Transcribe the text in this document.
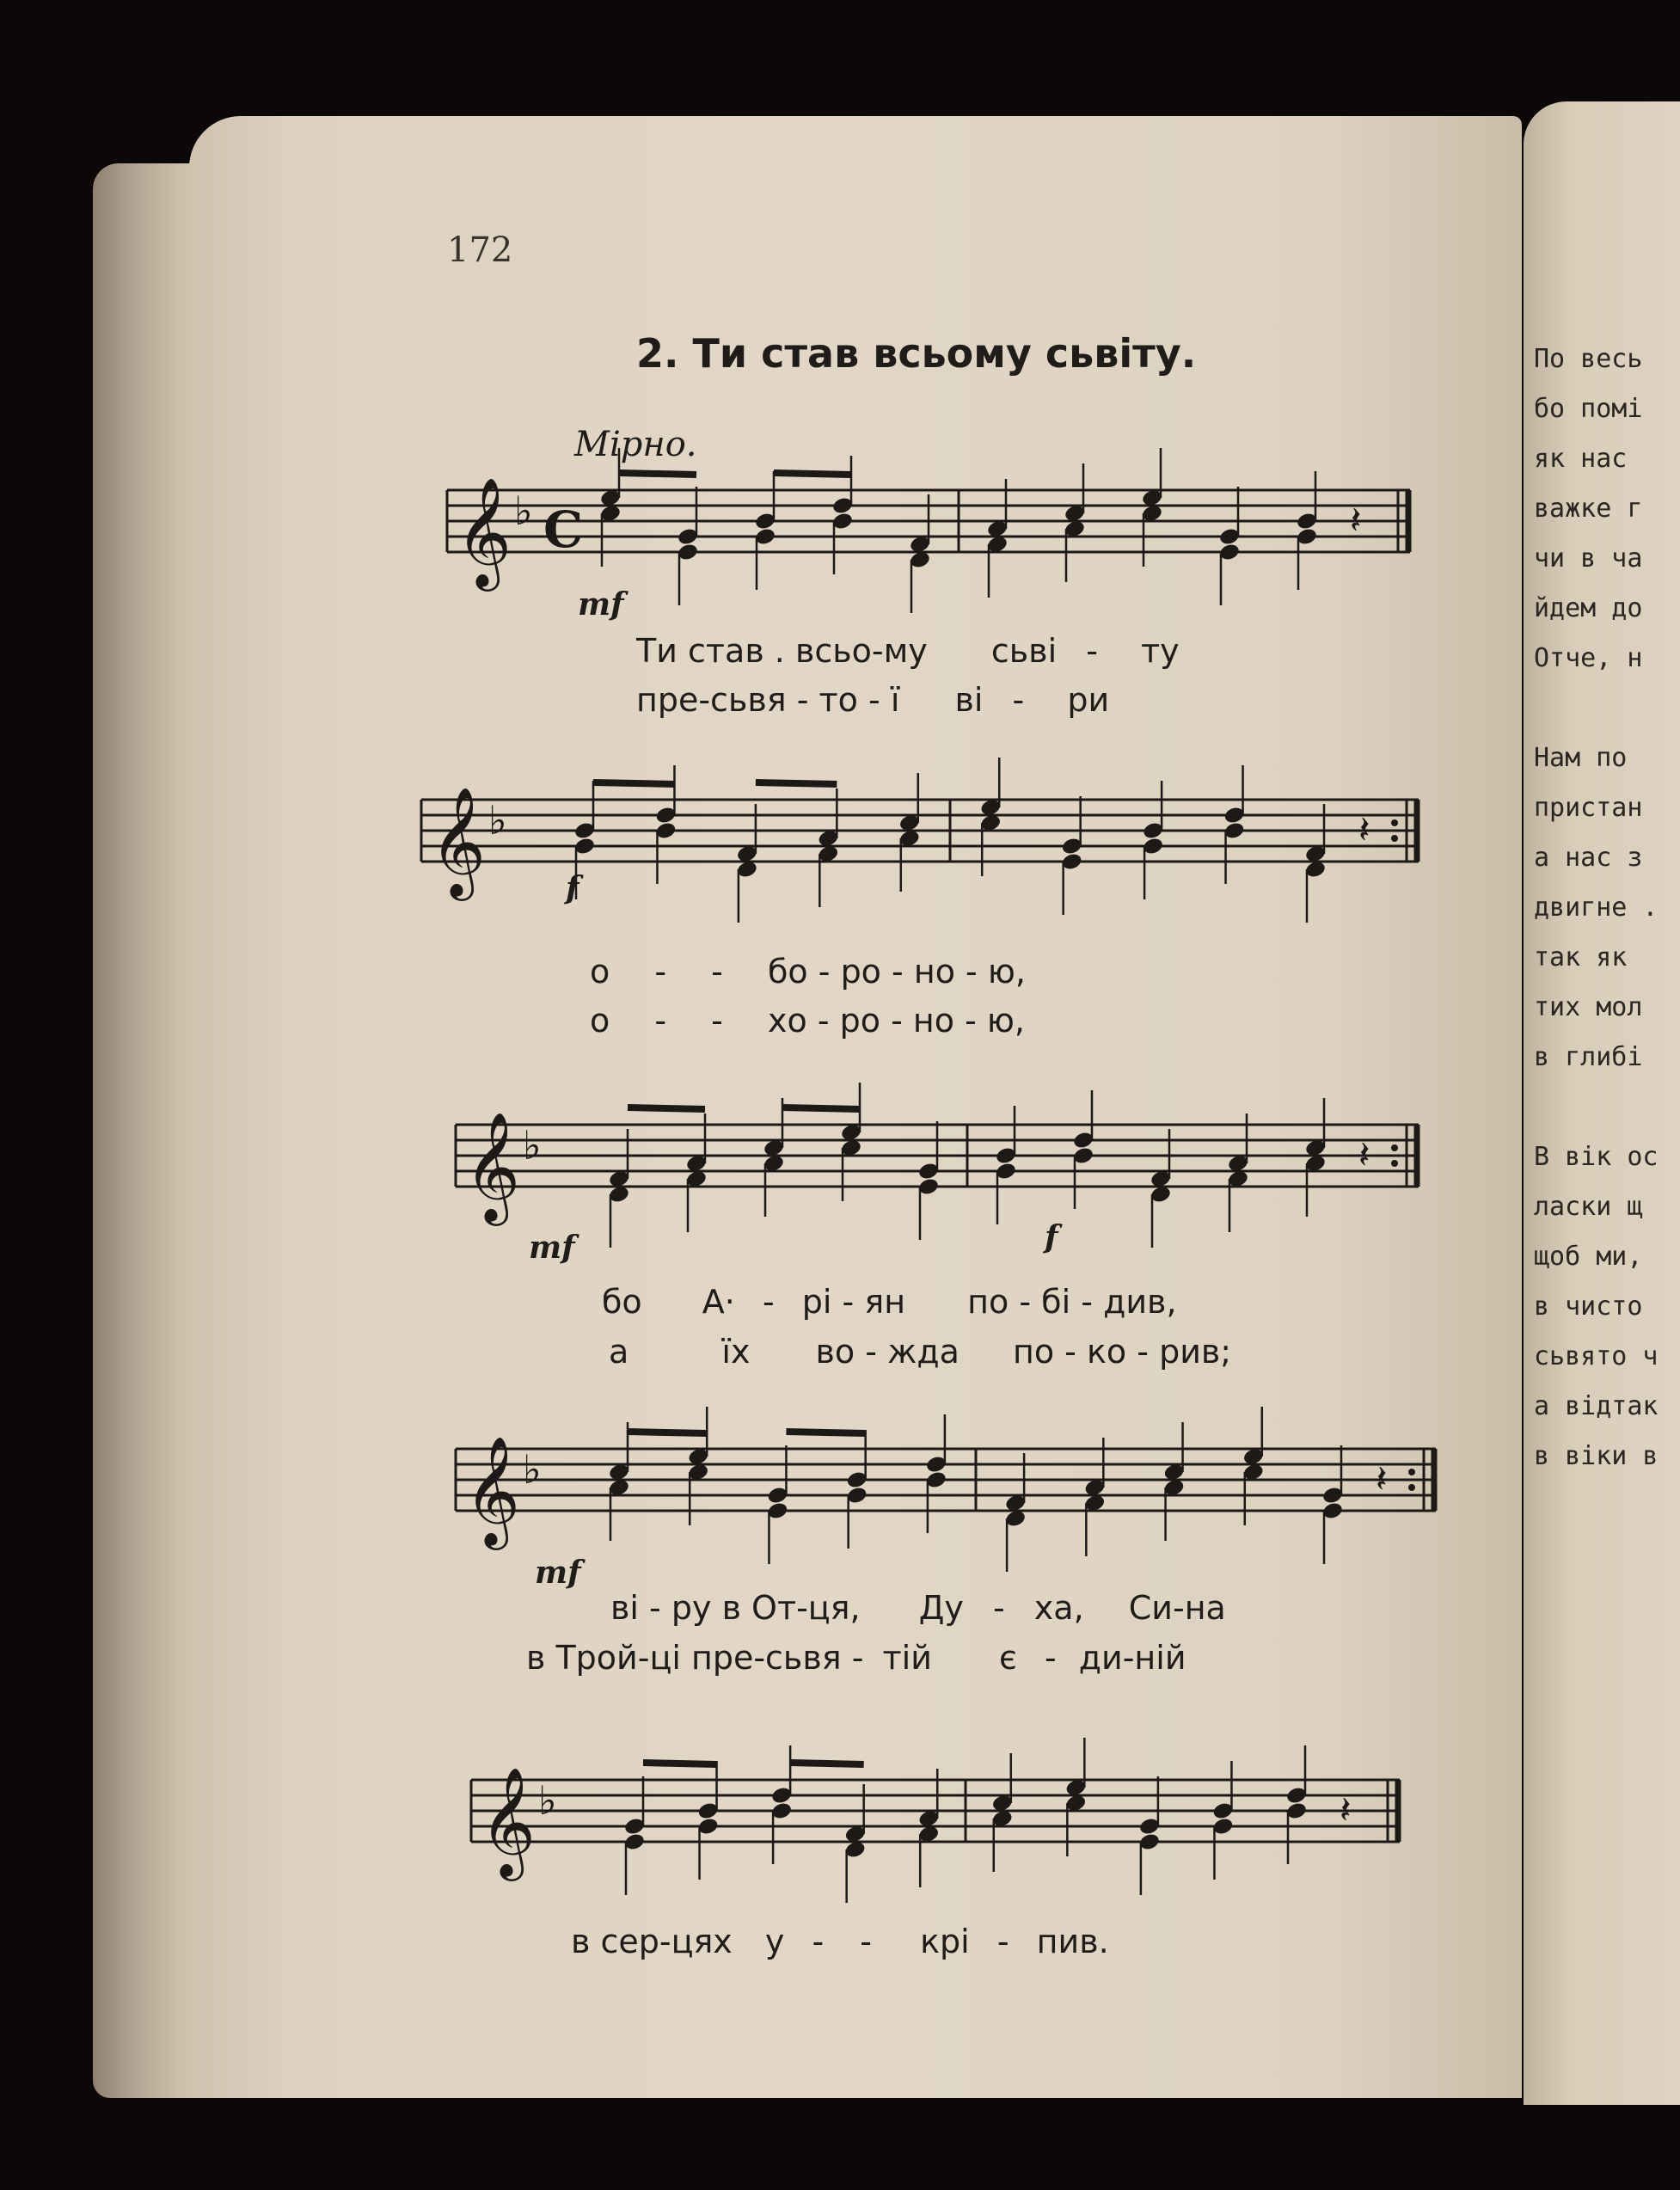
172
2. Ти став всьому сьвіту.
Мірно.
𝄞 ♭ C	𝄽
mf
Ти став . всьо-му сьві - ту
пре-сьвя - то - ї ві - ри
𝄞 ♭	𝄽
f
о - - бо - ро - но - ю,
о - - хо - ро - но - ю,
𝄞 ♭	𝄽
mf	f
бо А· - рі - ян по - бі - див,
а	їх во - жда по - ко - рив;
𝄞 ♭	𝄽
mf
ві - ру в От-ця, Ду - ха, Си-на
в Трой-ці пре-сьвя - тій є - ди-ній
𝄞 ♭	𝄽
в сер-цях у - - крі - пив.
По весь
бо помі
як нас
важке г
чи в ча
йдем до
Отче, н
Нам по
пристан
а нас з
двигне .
так як
тих мол
в глибі
В вік ос
ласки щ
щоб ми,
в чисто
сьвято ч
а відтак
в віки в
